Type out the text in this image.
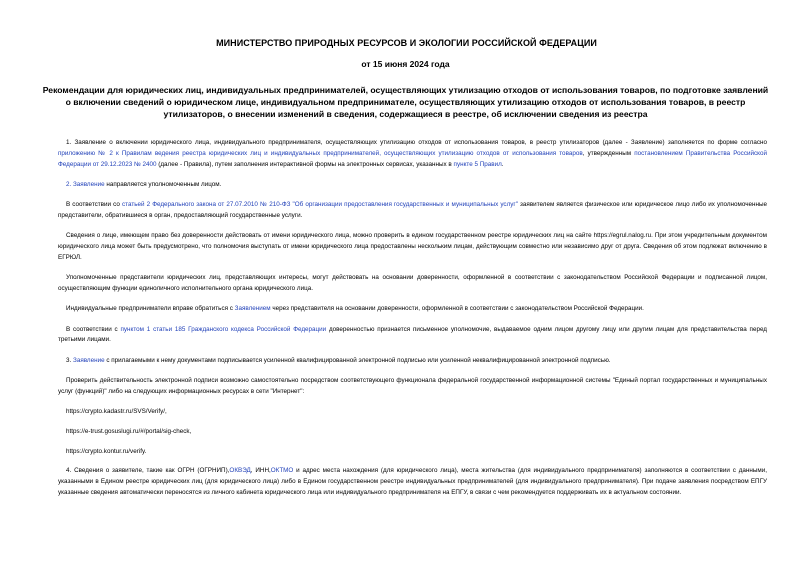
МИНИСТЕРСТВО ПРИРОДНЫХ РЕСУРСОВ И ЭКОЛОГИИ РОССИЙСКОЙ ФЕДЕРАЦИИ
от 15 июня 2024 года
Рекомендации для юридических лиц, индивидуальных предпринимателей, осуществляющих утилизацию отходов от использования товаров, по подготовке заявлений о включении сведений о юридическом лице, индивидуальном предпринимателе, осуществляющих утилизацию отходов от использования товаров, в реестр утилизаторов, о внесении изменений в сведения, содержащиеся в реестре, об исключении сведения из реестра

1. Заявление о включении юридического лица, индивидуального предпринимателя, осуществляющих утилизацию отходов от использования товаров, в реестр утилизаторов (далее - Заявление) заполняется по форме согласно приложению № 2 к Правилам ведения реестра юридических лиц и индивидуальных предпринимателей, осуществляющих утилизацию отходов от использования товаров, утвержденным постановлением Правительства Российской Федерации от 29.12.2023 № 2400 (далее - Правила), путем заполнения интерактивной формы на электронных сервисах, указанных в пункте 5 Правил.

2. Заявление направляется уполномоченным лицом.

В соответствии со статьей 2 Федерального закона от 27.07.2010 № 210-ФЗ "Об организации предоставления государственных и муниципальных услуг" заявителем является физическое или юридическое лицо либо их уполномоченные представители, обратившиеся в орган, предоставляющий государственные услуги.

Сведения о лице, имеющем право без доверенности действовать от имени юридического лица, можно проверить в едином государственном реестре юридических лиц на сайте https://egrul.nalog.ru. При этом учредительным документом юридического лица может быть предусмотрено, что полномочия выступать от имени юридического лица предоставлены нескольким лицам, действующим совместно или независимо друг от друга. Сведения об этом подлежат включению в ЕГРЮЛ.

Уполномоченные представители юридических лиц, представляющих интересы, могут действовать на основании доверенности, оформленной в соответствии с законодательством Российской Федерации и подписанной лицом, осуществляющим функции единоличного исполнительного органа юридического лица.

Индивидуальные предприниматели вправе обратиться с Заявлением через представителя на основании доверенности, оформленной в соответствии с законодательством Российской Федерации.

В соответствии с пунктом 1 статьи 185 Гражданского кодекса Российской Федерации доверенностью признается письменное уполномочие, выдаваемое одним лицом другому лицу или другим лицам для представительства перед третьими лицами.

3. Заявление с прилагаемыми к нему документами подписывается усиленной квалифицированной электронной подписью или усиленной неквалифицированной электронной подписью.

Проверить действительность электронной подписи возможно самостоятельно посредством соответствующего функционала федеральной государственной информационной системы "Единый портал государственных и муниципальных услуг (функций)" либо на следующих информационных ресурсах в сети "Интернет":

https://crypto.kadastr.ru/SVS/Verify/,

https://e-trust.gosuslugi.ru/#/portal/sig-check,

https://crypto.kontur.ru/verify.

4. Сведения о заявителе, такие как ОГРН (ОГРНИП),ОКВЭД, ИНН,ОКТМО и адрес места нахождения (для юридического лица), места жительства (для индивидуального предпринимателя) заполняются в соответствии с данными, указанными в Едином реестре юридических лиц (для юридического лица) либо в Едином государственном реестре индивидуальных предпринимателей (для индивидуального предпринимателя). При подаче заявления посредством ЕПГУ указанные сведения автоматически переносятся из личного кабинета юридического лица или индивидуального предпринимателя на ЕПГУ, в связи с чем рекомендуется поддерживать их в актуальном состоянии.
